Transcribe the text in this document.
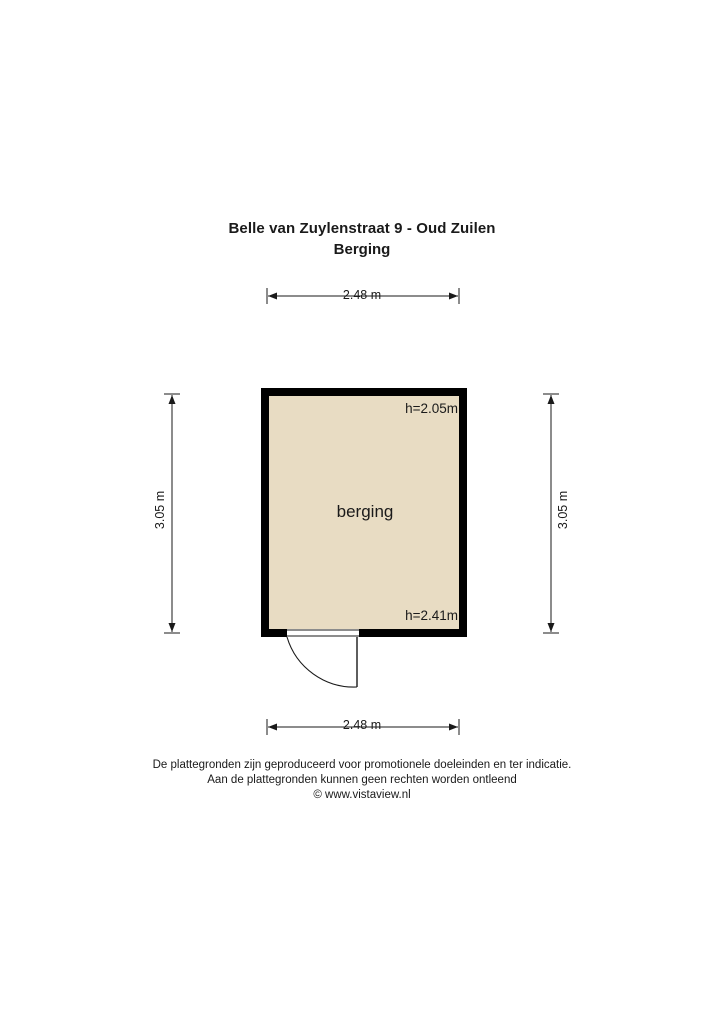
Belle van Zuylenstraat 9 - Oud Zuilen
Berging
2.48 m
2.48 m
3.05 m	3.05 m
h=2.05m
berging
h=2.41m
De plattegronden zijn geproduceerd voor promotionele doeleinden en ter indicatie.
Aan de plattegronden kunnen geen rechten worden ontleend
© www.vistaview.nl
